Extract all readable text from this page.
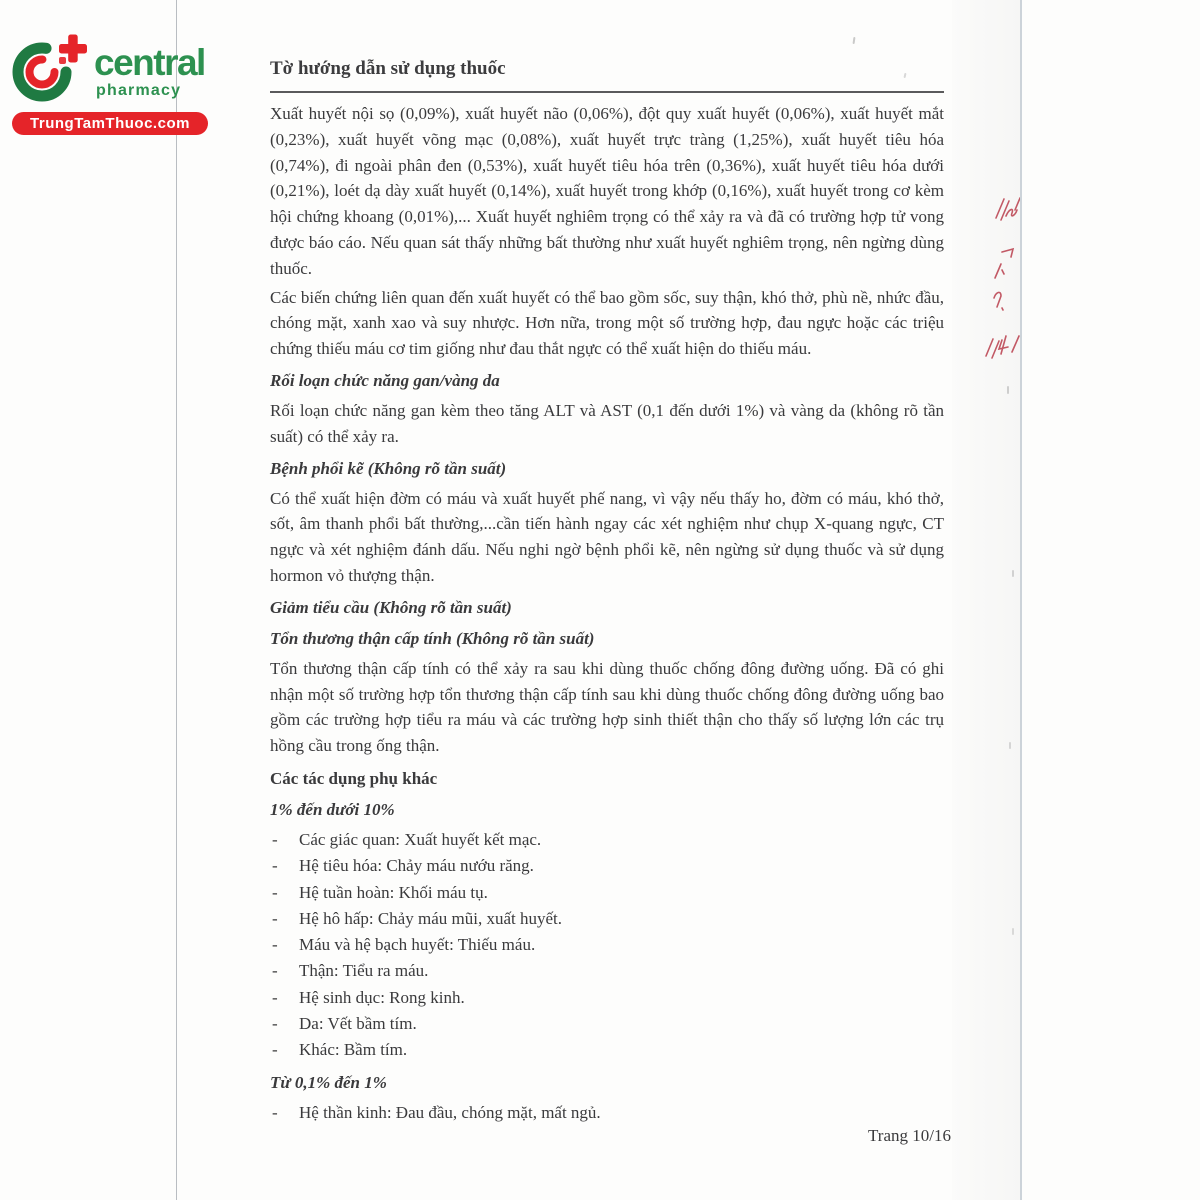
central
pharmacy
TrungTamThuoc.com
Tờ hướng dẫn sử dụng thuốc

Xuất huyết nội sọ (0,09%), xuất huyết não (0,06%), đột quy xuất huyết (0,06%), xuất huyết mắt (0,23%), xuất huyết võng mạc (0,08%), xuất huyết trực tràng (1,25%), xuất huyết tiêu hóa (0,74%), đi ngoài phân đen (0,53%), xuất huyết tiêu hóa trên (0,36%), xuất huyết tiêu hóa dưới (0,21%), loét dạ dày xuất huyết (0,14%), xuất huyết trong khớp (0,16%), xuất huyết trong cơ kèm hội chứng khoang (0,01%),... Xuất huyết nghiêm trọng có thể xảy ra và đã có trường hợp tử vong được báo cáo. Nếu quan sát thấy những bất thường như xuất huyết nghiêm trọng, nên ngừng dùng thuốc.

Các biến chứng liên quan đến xuất huyết có thể bao gồm sốc, suy thận, khó thở, phù nề, nhức đầu, chóng mặt, xanh xao và suy nhược. Hơn nữa, trong một số trường hợp, đau ngực hoặc các triệu chứng thiếu máu cơ tim giống như đau thắt ngực có thể xuất hiện do thiếu máu.

Rối loạn chức năng gan/vàng da

Rối loạn chức năng gan kèm theo tăng ALT và AST (0,1 đến dưới 1%) và vàng da (không rõ tần suất) có thể xảy ra.

Bệnh phổi kẽ (Không rõ tần suất)

Có thể xuất hiện đờm có máu và xuất huyết phế nang, vì vậy nếu thấy ho, đờm có máu, khó thở, sốt, âm thanh phổi bất thường,...cần tiến hành ngay các xét nghiệm như chụp X-quang ngực, CT ngực và xét nghiệm đánh dấu. Nếu nghi ngờ bệnh phổi kẽ, nên ngừng sử dụng thuốc và sử dụng hormon vỏ thượng thận.

Giảm tiểu cầu (Không rõ tần suất)
Tổn thương thận cấp tính (Không rõ tần suất)

Tổn thương thận cấp tính có thể xảy ra sau khi dùng thuốc chống đông đường uống. Đã có ghi nhận một số trường hợp tổn thương thận cấp tính sau khi dùng thuốc chống đông đường uống bao gồm các trường hợp tiểu ra máu và các trường hợp sinh thiết thận cho thấy số lượng lớn các trụ hồng cầu trong ống thận.

Các tác dụng phụ khác
1% đến dưới 10%
-	Các giác quan: Xuất huyết kết mạc.
-	Hệ tiêu hóa: Chảy máu nướu răng.
-	Hệ tuần hoàn: Khối máu tụ.
-	Hệ hô hấp: Chảy máu mũi, xuất huyết.
-	Máu và hệ bạch huyết: Thiếu máu.
-	Thận: Tiểu ra máu.
-	Hệ sinh dục: Rong kinh.
-	Da: Vết bầm tím.
-	Khác: Bầm tím.
Từ 0,1% đến 1%
-	Hệ thần kinh: Đau đầu, chóng mặt, mất ngủ.
Trang 10/16
